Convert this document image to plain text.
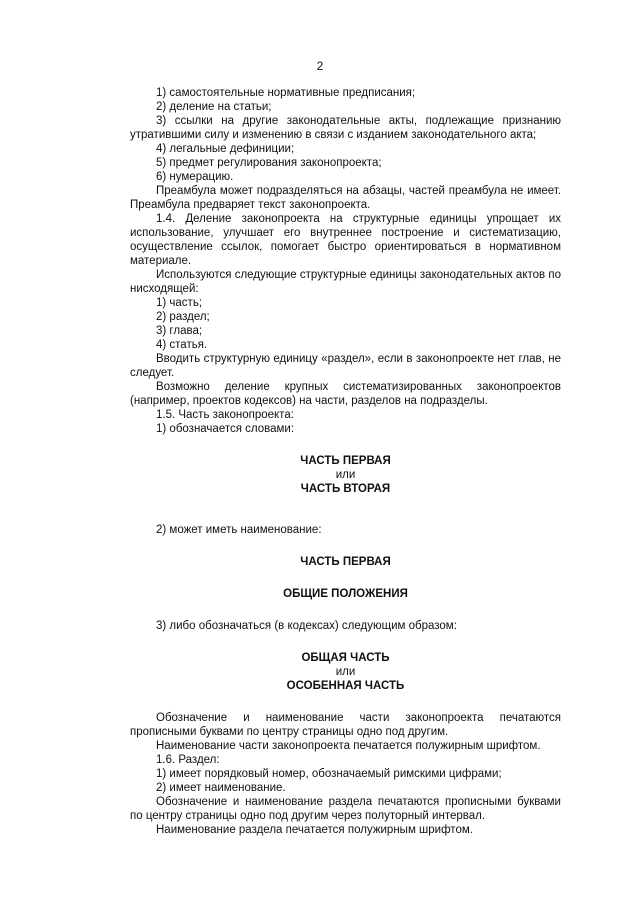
2

1) самостоятельные нормативные предписания;

2) деление на статьи;

3) ссылки на другие законодательные акты, подлежащие признанию утратившими силу и изменению в связи с изданием законодательного акта;

4) легальные дефиниции;

5) предмет регулирования законопроекта;

6) нумерацию.

Преамбула может подразделяться на абзацы, частей преамбула не имеет. Преамбула предваряет текст законопроекта.

1.4. Деление законопроекта на структурные единицы упрощает их использование, улучшает его внутреннее построение и систематизацию, осуществление ссылок, помогает быстро ориентироваться в нормативном материале.

Используются следующие структурные единицы законодательных актов по нисходящей:

1) часть;

2) раздел;

3) глава;

4) статья.

Вводить структурную единицу «раздел», если в законопроекте нет глав, не следует.

Возможно деление крупных систематизированных законопроектов (например, проектов кодексов) на части, разделов на подразделы.

1.5. Часть законопроекта:

1) обозначается словами:

ЧАСТЬ ПЕРВАЯ

или

ЧАСТЬ ВТОРАЯ

2) может иметь наименование:

ЧАСТЬ ПЕРВАЯ

ОБЩИЕ ПОЛОЖЕНИЯ

3) либо обозначаться (в кодексах) следующим образом:

ОБЩАЯ ЧАСТЬ

или

ОСОБЕННАЯ ЧАСТЬ

Обозначение и наименование части законопроекта печатаются прописными буквами по центру страницы одно под другим.

Наименование части законопроекта печатается полужирным шрифтом.

1.6. Раздел:

1) имеет порядковый номер, обозначаемый римскими цифрами;

2) имеет наименование.

Обозначение и наименование раздела печатаются прописными буквами по центру страницы одно под другим через полуторный интервал.

Наименование раздела печатается полужирным шрифтом.
